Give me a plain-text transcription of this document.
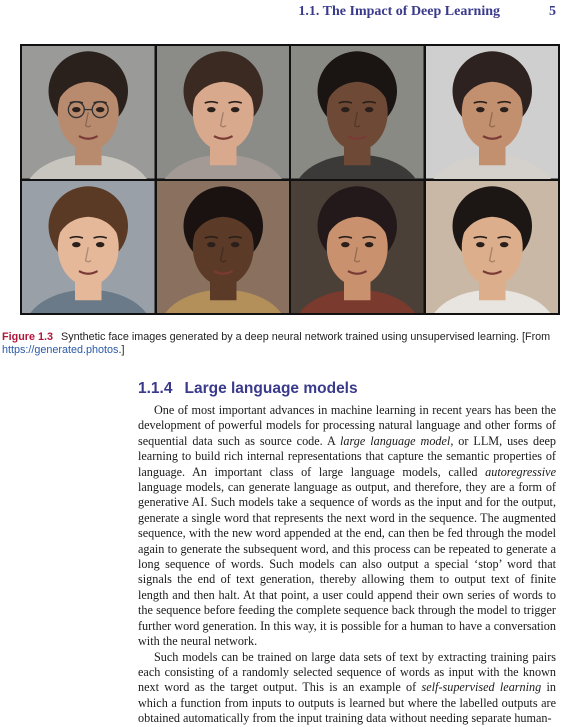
1.1. The Impact of Deep Learning	5
Figure 1.3 Synthetic face images generated by a deep neural network trained using unsupervised learning. [From https://generated.photos.]
1.1.4 Large language models

One of most important advances in machine learning in recent years has been the development of powerful models for processing natural language and other forms of sequential data such as source code. A large language model, or LLM, uses deep learning to build rich internal representations that capture the semantic properties of language. An important class of large language models, called autoregressive language models, can generate language as output, and therefore, they are a form of generative AI. Such models take a sequence of words as the input and for the output, generate a single word that represents the next word in the sequence. The augmented sequence, with the new word appended at the end, can then be fed through the model again to generate the subsequent word, and this process can be repeated to generate a long sequence of words. Such models can also output a special ‘stop’ word that signals the end of text generation, thereby allowing them to output text of finite length and then halt. At that point, a user could append their own series of words to the sequence before feeding the complete sequence back through the model to trigger further word generation. In this way, it is possible for a human to have a conversation with the neural network.

Such models can be trained on large data sets of text by extracting training pairs each consisting of a randomly selected sequence of words as input with the known next word as the target output. This is an example of self-supervised learning in which a function from inputs to outputs is learned but where the labelled outputs are obtained automatically from the input training data without needing separate human-
